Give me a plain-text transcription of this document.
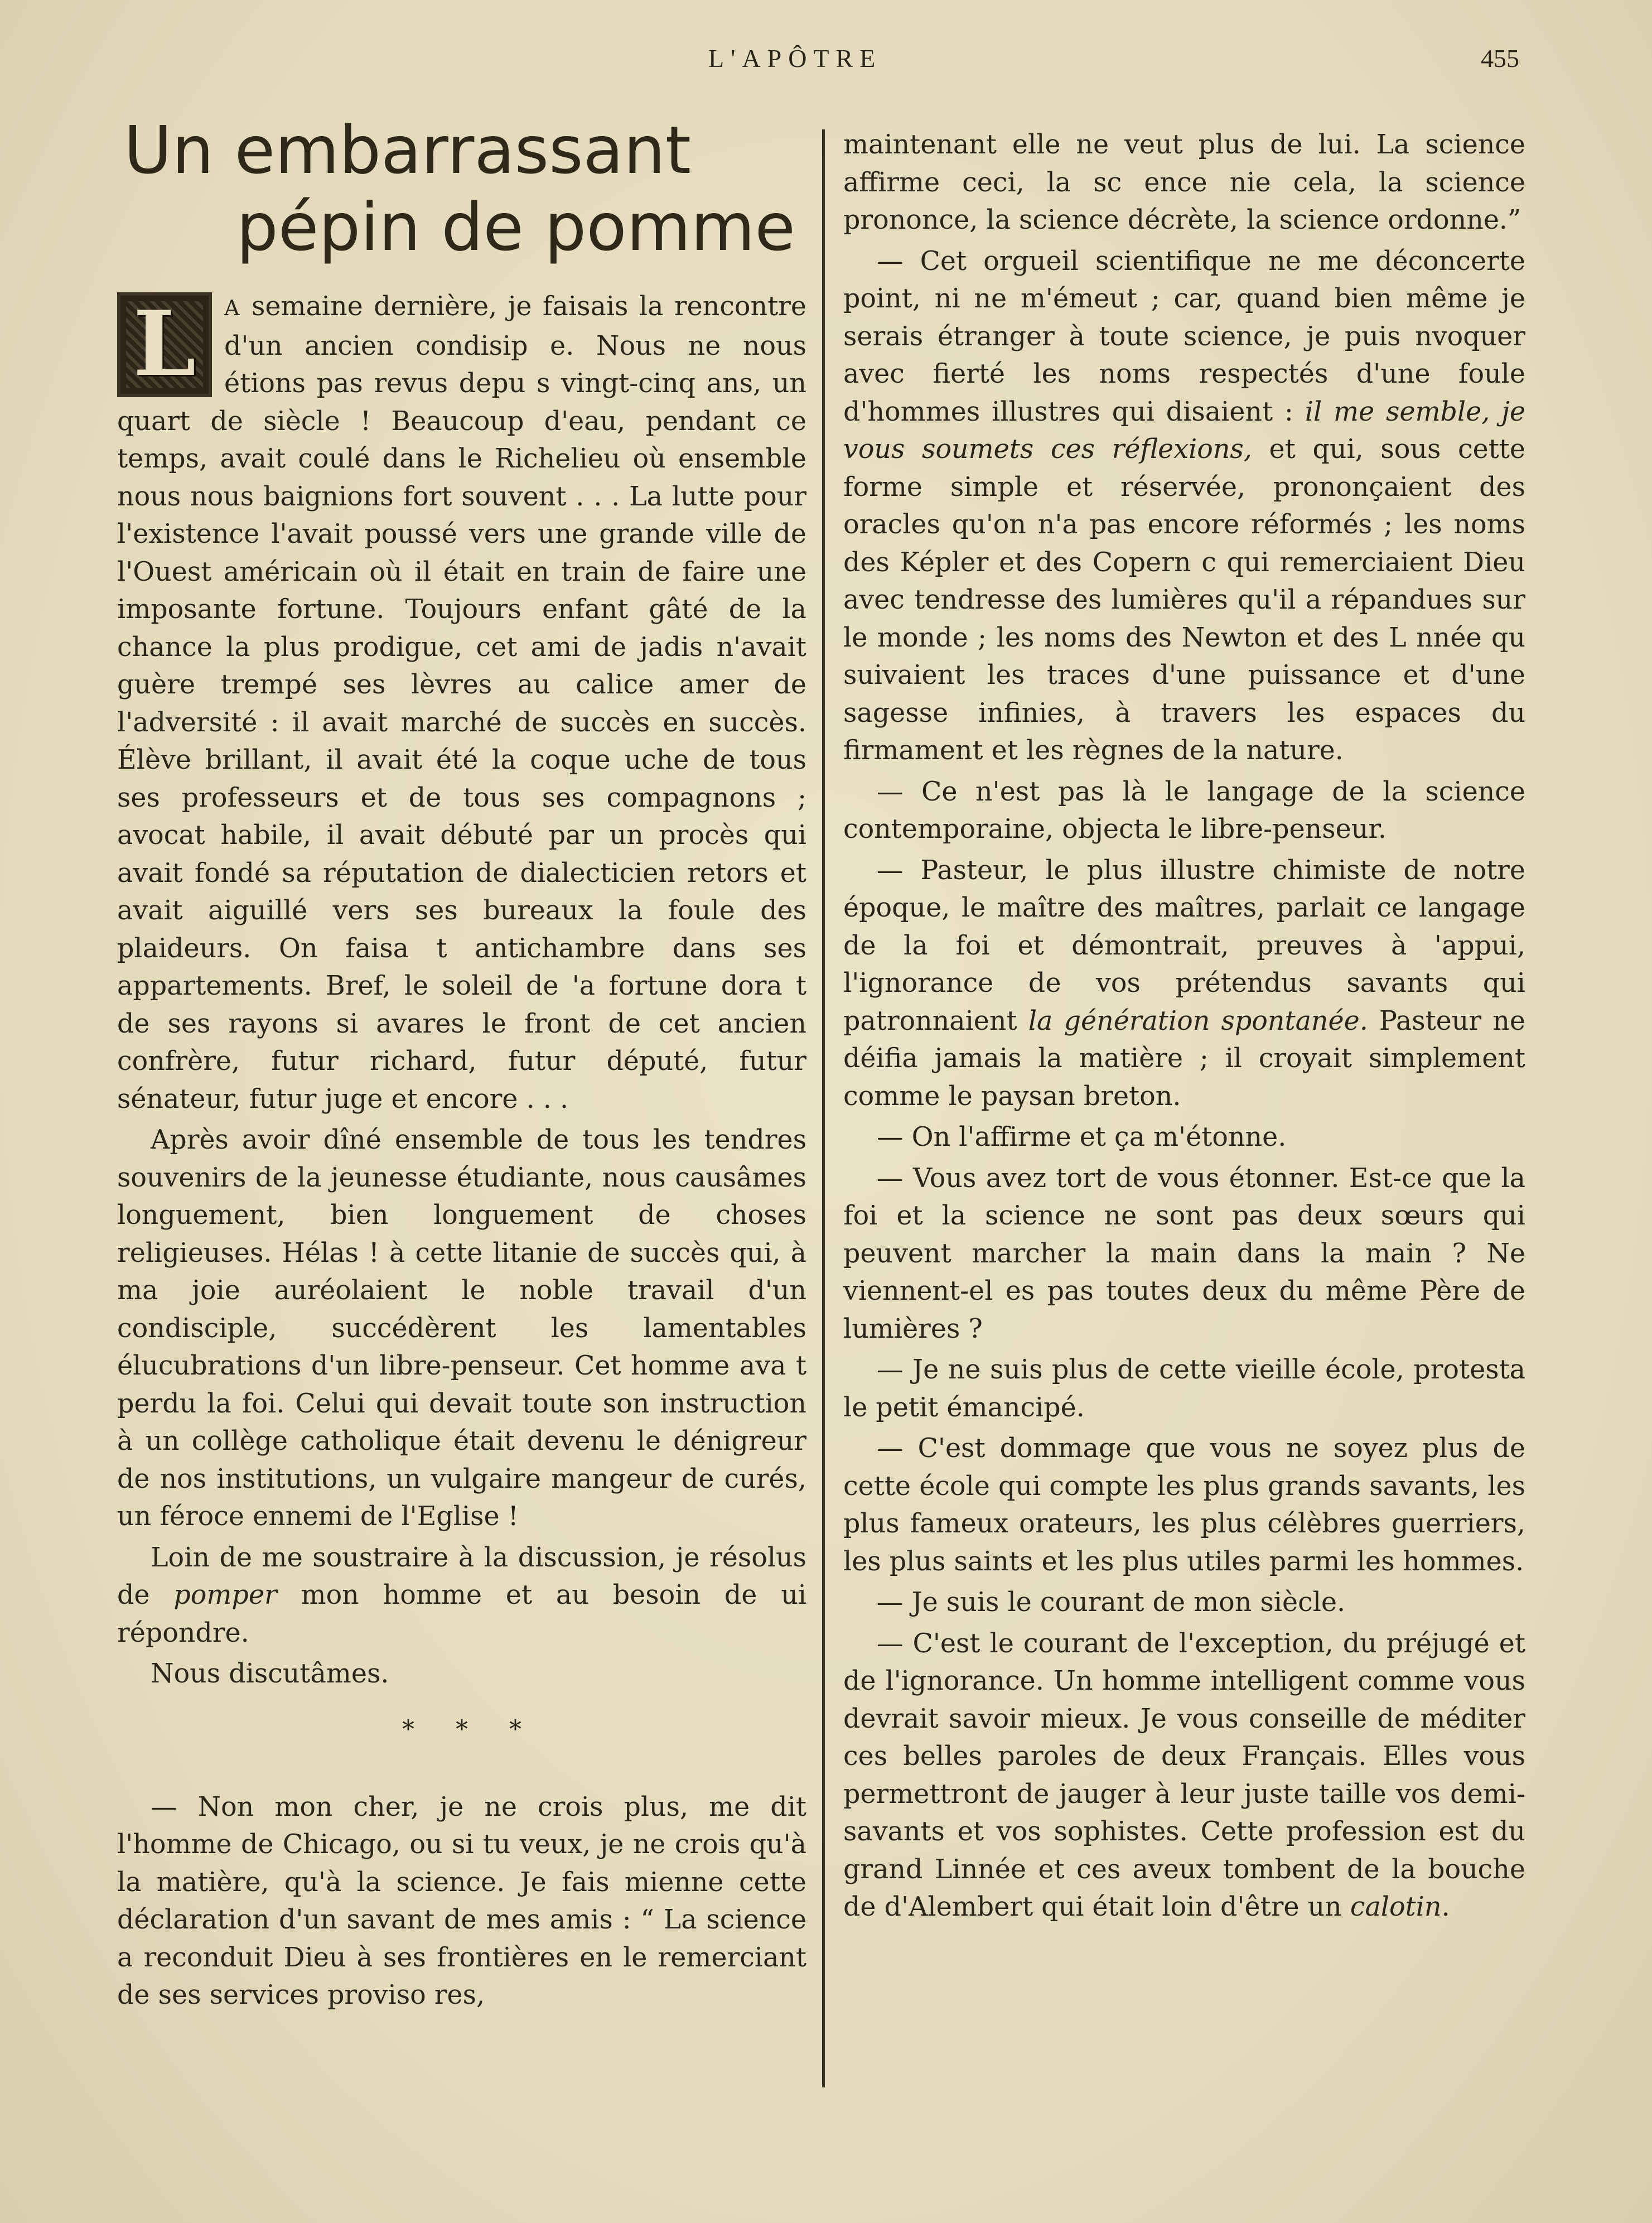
L'APÔTRE	455
Un embarrassant
pépin de pomme

L	A semaine dernière, je faisais la rencontre d'un ancien condisip e. Nous ne nous étions pas revus depu s vingt-cinq ans, un quart de siècle ! Beaucoup d'eau, pendant ce temps, avait coulé dans le Richelieu où ensemble nous nous baignions fort souvent . . . La lutte pour l'existence l'avait poussé vers une grande ville de l'Ouest américain où il était en train de faire une imposante fortune. Toujours enfant gâté de la chance la plus prodigue, cet ami de jadis n'avait guère trempé ses lèvres au calice amer de l'adversité : il avait marché de succès en succès. Élève brillant, il avait été la coque uche de tous ses professeurs et de tous ses compagnons ; avocat habile, il avait débuté par un procès qui avait fondé sa réputation de dialecticien retors et avait aiguillé vers ses bureaux la foule des plaideurs. On faisa t antichambre dans ses appartements. Bref, le soleil de 'a fortune dora t de ses rayons si avares le front de cet ancien confrère, futur richard, futur député, futur sénateur, futur juge et encore . . .

Après avoir dîné ensemble de tous les tendres souvenirs de la jeunesse étudiante, nous causâmes longuement, bien longuement de choses religieuses. Hélas ! à cette litanie de succès qui, à ma joie auréolaient le noble travail d'un condisciple, succédèrent les lamentables élucubrations d'un libre-penseur. Cet homme ava t perdu la foi. Celui qui devait toute son instruction à un collège catholique était devenu le dénigreur de nos institutions, un vulgaire mangeur de curés, un féroce ennemi de l'Eglise !

Loin de me soustraire à la discussion, je résolus de pomper mon homme et au besoin de ui répondre.

Nous discutâmes.

* * *

— Non mon cher, je ne crois plus, me dit l'homme de Chicago, ou si tu veux, je ne crois qu'à la matière, qu'à la science. Je fais mienne cette déclaration d'un savant de mes amis : “ La science a reconduit Dieu à ses frontières en le remerciant de ses services proviso res,

maintenant elle ne veut plus de lui. La science affirme ceci, la sc ence nie cela, la science prononce, la science décrète, la science ordonne.”

— Cet orgueil scientifique ne me déconcerte point, ni ne m'émeut ; car, quand bien même je serais étranger à toute science, je puis nvoquer avec fierté les noms respectés d'une foule d'hommes illustres qui disaient : il me semble, je vous soumets ces réflexions, et qui, sous cette forme simple et réservée, prononçaient des oracles qu'on n'a pas encore réformés ; les noms des Képler et des Copern c qui remerciaient Dieu avec tendresse des lumières qu'il a répandues sur le monde ; les noms des Newton et des L nnée qu suivaient les traces d'une puissance et d'une sagesse infinies, à travers les espaces du firmament et les règnes de la nature.

— Ce n'est pas là le langage de la science contemporaine, objecta le libre-penseur.

— Pasteur, le plus illustre chimiste de notre époque, le maître des maîtres, parlait ce langage de la foi et démontrait, preuves à 'appui, l'ignorance de vos prétendus savants qui patronnaient la génération spontanée. Pasteur ne déifia jamais la matière ; il croyait simplement comme le paysan breton.

— On l'affirme et ça m'étonne.

— Vous avez tort de vous étonner. Est-ce que la foi et la science ne sont pas deux sœurs qui peuvent marcher la main dans la main ? Ne viennent-el es pas toutes deux du même Père de lumières ?

— Je ne suis plus de cette vieille école, protesta le petit émancipé.

— C'est dommage que vous ne soyez plus de cette école qui compte les plus grands savants, les plus fameux orateurs, les plus célèbres guerriers, les plus saints et les plus utiles parmi les hommes.

— Je suis le courant de mon siècle.

— C'est le courant de l'exception, du préjugé et de l'ignorance. Un homme intelligent comme vous devrait savoir mieux. Je vous conseille de méditer ces belles paroles de deux Français. Elles vous permettront de jauger à leur juste taille vos demi-savants et vos sophistes. Cette profession est du grand Linnée et ces aveux tombent de la bouche de d'Alembert qui était loin d'être un calotin.
